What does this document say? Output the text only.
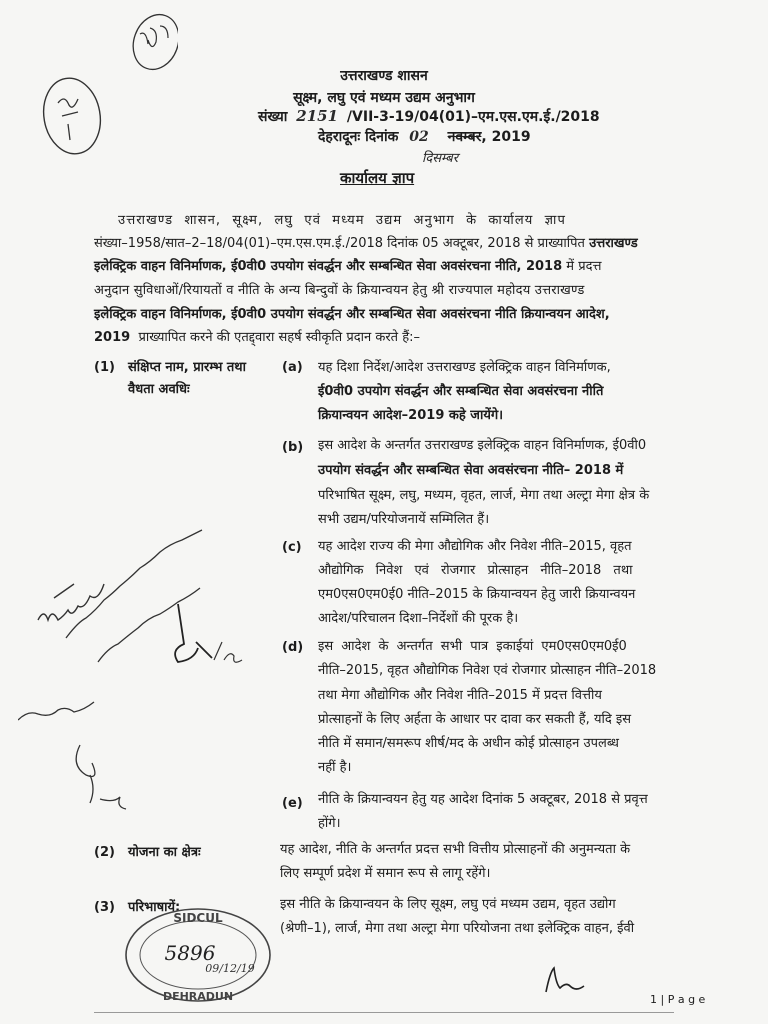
उत्तराखण्ड शासन
सूक्ष्म, लघु एवं मध्यम उद्यम अनुभाग
संख्या 2151 /VII-3-19/04(01)–एम.एस.एम.ई./2018
देहरादूनः दिनांक 02 नवम्बर, 2019
दिसम्बर
कार्यालय ज्ञाप
उत्तराखण्ड शासन, सूक्ष्म, लघु एवं मध्यम उद्यम अनुभाग के कार्यालय ज्ञाप
संख्या–1958/सात–2–18/04(01)–एम.एस.एम.ई./2018 दिनांक 05 अक्टूबर, 2018 से प्राख्यापित उत्तराखण्ड
इलेक्ट्रिक वाहन विनिर्माणक, ई0वी0 उपयोग संवर्द्धन और सम्बन्धित सेवा अवसंरचना नीति, 2018 में प्रदत्त
अनुदान सुविधाओं/रियायतों व नीति के अन्य बिन्दुवों के क्रियान्वयन हेतु श्री राज्यपाल महोदय उत्तराखण्ड
इलेक्ट्रिक वाहन विनिर्माणक, ई0वी0 उपयोग संवर्द्धन और सम्बन्धित सेवा अवसंरचना नीति क्रियान्वयन आदेश,
2019 प्राख्यापित करने की एतद्द्वारा सहर्ष स्वीकृति प्रदान करते हैं:–
(1) संक्षिप्त नाम, प्रारम्भ तथा
वैधता अवधिः
(a) यह दिशा निर्देश/आदेश उत्तराखण्ड इलेक्ट्रिक वाहन विनिर्माणक,
ई0वी0 उपयोग संवर्द्धन और सम्बन्धित सेवा अवसंरचना नीति
क्रियान्वयन आदेश–2019 कहे जायेंगे।
(b) इस आदेश के अन्तर्गत उत्तराखण्ड इलेक्ट्रिक वाहन विनिर्माणक, ई0वी0
उपयोग संवर्द्धन और सम्बन्धित सेवा अवसंरचना नीति– 2018 में
परिभाषित सूक्ष्म, लघु, मध्यम, वृहत, लार्ज, मेगा तथा अल्ट्रा मेगा क्षेत्र के
सभी उद्यम/परियोजनायें सम्मिलित हैं।
(c) यह आदेश राज्य की मेगा औद्योगिक और निवेश नीति–2015, वृहत
औद्योगिक निवेश एवं रोजगार प्रोत्साहन नीति–2018 तथा
एम0एस0एम0ई0 नीति–2015 के क्रियान्वयन हेतु जारी क्रियान्वयन
आदेश/परिचालन दिशा–निर्देशों की पूरक है।
(d) इस आदेश के अन्तर्गत सभी पात्र इकाईयां एम0एस0एम0ई0
नीति–2015, वृहत औद्योगिक निवेश एवं रोजगार प्रोत्साहन नीति–2018
तथा मेगा औद्योगिक और निवेश नीति–2015 में प्रदत्त वित्तीय
प्रोत्साहनों के लिए अर्हता के आधार पर दावा कर सकती हैं, यदि इस
नीति में समान/समरूप शीर्ष/मद के अधीन कोई प्रोत्साहन उपलब्ध
नहीं है।
(e) नीति के क्रियान्वयन हेतु यह आदेश दिनांक 5 अक्टूबर, 2018 से प्रवृत्त
होंगे।
(2) योजना का क्षेत्रः	यह आदेश, नीति के अन्तर्गत प्रदत्त सभी वित्तीय प्रोत्साहनों की अनुमन्यता के
लिए सम्पूर्ण प्रदेश में समान रूप से लागू रहेंगे।
(3) परिभाषायें:	इस नीति के क्रियान्वयन के लिए सूक्ष्म, लघु एवं मध्यम उद्यम, वृहत उद्योग
(श्रेणी–1), लार्ज, मेगा तथा अल्ट्रा मेगा परियोजना तथा इलेक्ट्रिक वाहन, ईवी
SIDCUL
5896
09/12/19
DEHRADUN	1 | P a g e
